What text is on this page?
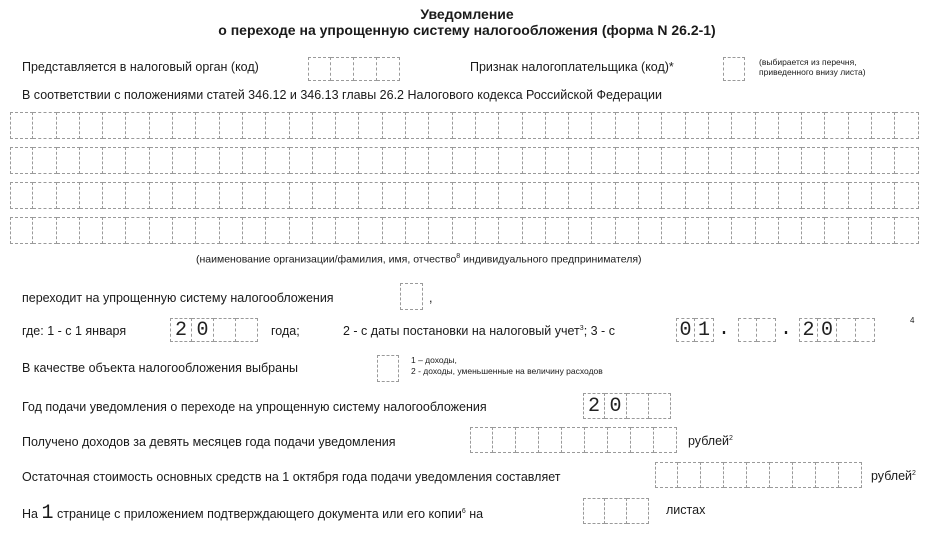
Уведомление
о переходе на упрощенную систему налогообложения (форма N 26.2-1)
Представляется в налоговый орган (код)	Признак налогоплательщика (код)*	(выбирается из перечня,
приведенного внизу листа)
В соответствии с положениями статей 346.12 и 346.13 главы 26.2 Налогового кодекса Российской Федерации
(наименование организации/фамилия, имя, отчество$^8$ индивидуального предпринимателя)
переходит на упрощенную систему налогообложения	,
где: 1 - с 1 января 2 0	года;	2 - с даты постановки на налоговый учет$^3$; 3 - с	0 1 . . 2 0	4
В качестве объекта налогообложения выбраны
1 – доходы,
2 - доходы, уменьшенные на величину расходов
Год подачи уведомления о переходе на упрощенную систему налогообложения	2 0
Получено доходов за девять месяцев года подачи уведомления	рублей$^2$
Остаточная стоимость основных средств на 1 октября года подачи уведомления составляет	рублей$^2$
На 1 странице с приложением подтверждающего документа или его копии$^6$ на	листах
